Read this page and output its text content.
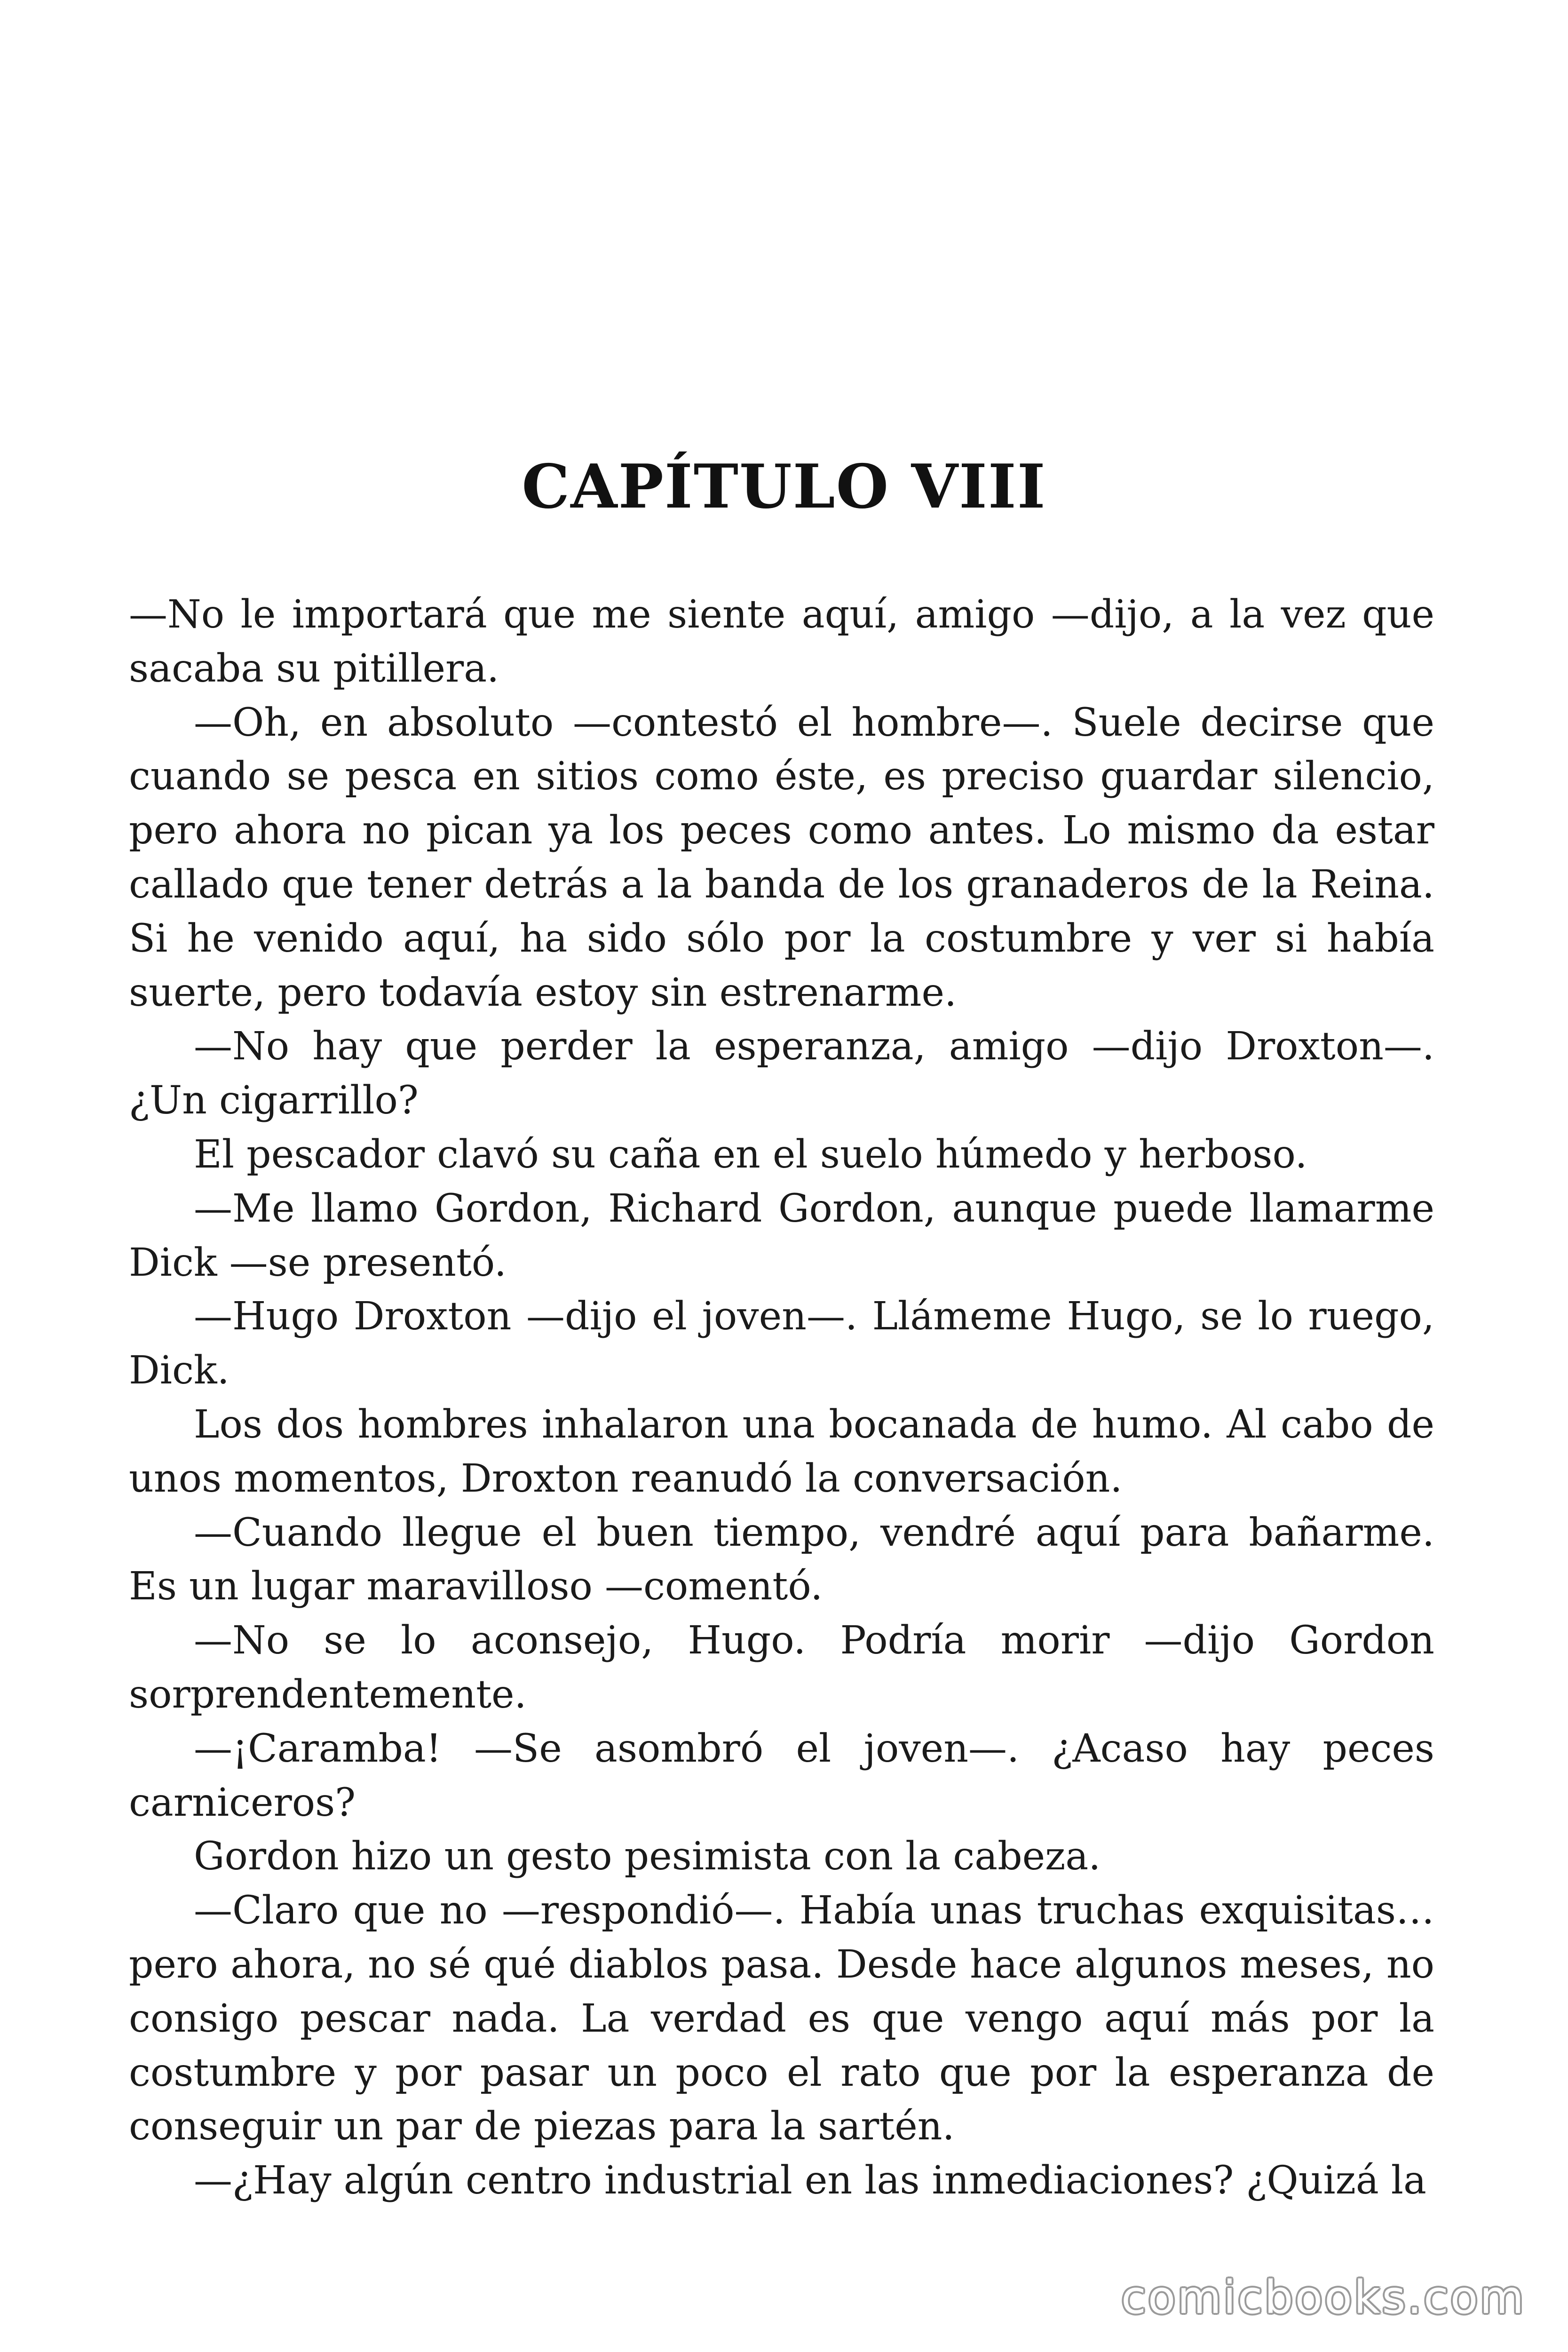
CAPÍTULO VIII

—No le importará que me siente aquí, amigo —dijo, a la vez que sacaba su pitillera.

—Oh, en absoluto —contestó el hombre—. Suele decirse que cuando se pesca en sitios como éste, es preciso guardar silencio, pero ahora no pican ya los peces como antes. Lo mismo da estar callado que tener detrás a la banda de los granaderos de la Reina. Si he venido aquí, ha sido sólo por la costumbre y ver si había suerte, pero todavía estoy sin estrenarme.

—No hay que perder la esperanza, amigo —dijo Droxton—. ¿Un cigarrillo?

El pescador clavó su caña en el suelo húmedo y herboso.

—Me llamo Gordon, Richard Gordon, aunque puede llamarme Dick —se presentó.

—Hugo Droxton —dijo el joven—. Llámeme Hugo, se lo ruego, Dick.

Los dos hombres inhalaron una bocanada de humo. Al cabo de unos momentos, Droxton reanudó la conversación.

—Cuando llegue el buen tiempo, vendré aquí para bañarme. Es un lugar maravilloso —comentó.

—No se lo aconsejo, Hugo. Podría morir —dijo Gordon sorprendentemente.

—¡Caramba! —Se asombró el joven—. ¿Acaso hay peces carniceros?

Gordon hizo un gesto pesimista con la cabeza.

—Claro que no —respondió—. Había unas truchas exquisitas… pero ahora, no sé qué diablos pasa. Desde hace algunos meses, no consigo pescar nada. La verdad es que vengo aquí más por la costumbre y por pasar un poco el rato que por la esperanza de conseguir un par de piezas para la sartén.

—¿Hay algún centro industrial en las inmediaciones? ¿Quizá la

comicbooks.com
